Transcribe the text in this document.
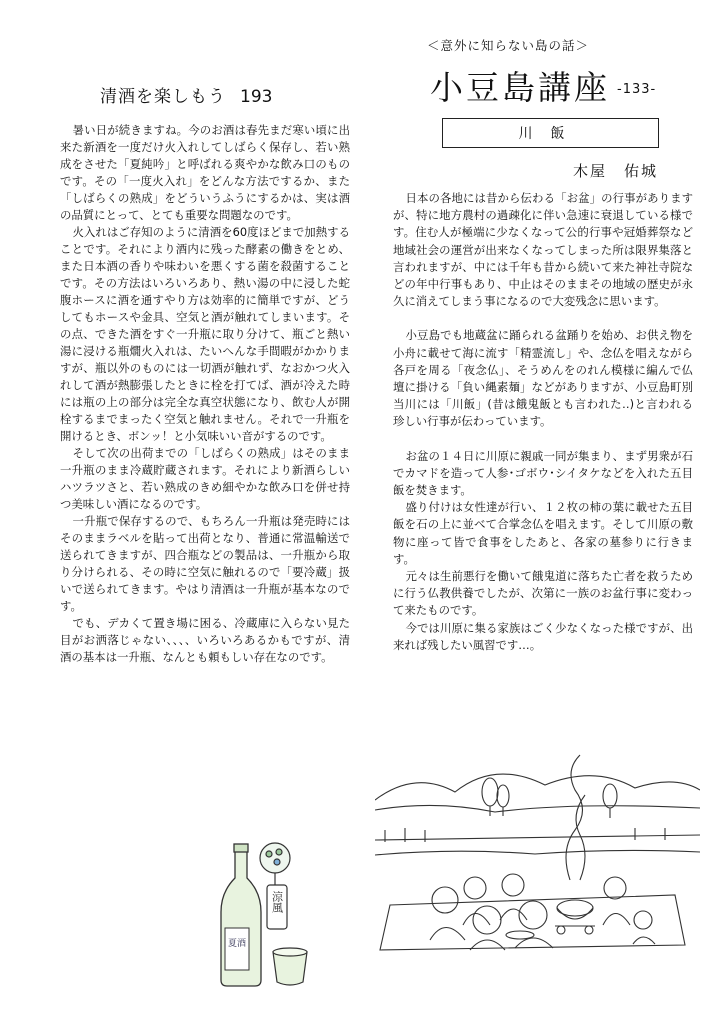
清酒を楽しもう 193

暑い日が続きますね。今のお酒は春先まだ寒い頃に出来た新酒を一度だけ火入れしてしばらく保存し、若い熟成をさせた「夏純吟」と呼ばれる爽やかな飲み口のものです。その「一度火入れ」をどんな方法でするか、また「しばらくの熟成」をどういうふうにするかは、実は酒の品質にとって、とても重要な問題なのです。

火入れはご存知のように清酒を60度ほどまで加熱することです。それにより酒内に残った酵素の働きをとめ、また日本酒の香りや味わいを悪くする菌を殺菌することです。その方法はいろいろあり、熱い湯の中に浸した蛇腹ホースに酒を通すやり方は効率的に簡単ですが、どうしてもホースや金具、空気と酒が触れてしまいます。その点、できた酒をすぐ一升瓶に取り分けて、瓶ごと熱い湯に浸ける瓶燗火入れは、たいへんな手間暇がかかりますが、瓶以外のものには一切酒が触れず、なおかつ火入れして酒が熱膨張したときに栓を打てば、酒が冷えた時には瓶の上の部分は完全な真空状態になり、飲む人が開栓するまでまったく空気と触れません。それで一升瓶を開けるとき、ボンッ！と小気味いい音がするのです。

そして次の出荷までの「しばらくの熟成」はそのまま一升瓶のまま冷蔵貯蔵されます。それにより新酒らしいハツラツさと、若い熟成のきめ細やかな飲み口を併せ持つ美味しい酒になるのです。

一升瓶で保存するので、もちろん一升瓶は発売時にはそのままラベルを貼って出荷となり、普通に常温輸送で送られてきますが、四合瓶などの製品は、一升瓶から取り分けられる、その時に空気に触れるので「要冷蔵」扱いで送られてきます。やはり清酒は一升瓶が基本なのです。

でも、デカくて置き場に困る、冷蔵庫に入らない見た目がお洒落じゃない、、、、いろいろあるかもですが、清酒の基本は一升瓶、なんとも頼もしい存在なのです。

涼風
夏酒
＜意外に知らない島の話＞
小豆島講座 -133-
川飯
木屋　佑城

日本の各地には昔から伝わる「お盆」の行事がありますが、特に地方農村の過疎化に伴い急速に衰退している様です。住む人が極端に少なくなって公的行事や冠婚葬祭など地域社会の運営が出来なくなってしまった所は限界集落と言われますが、中には千年も昔から続いて来た神社寺院などの年中行事もあり、中止はそのままその地域の歴史が永久に消えてしまう事になるので大変残念に思います。

小豆島でも地蔵盆に踊られる盆踊りを始め、お供え物を小舟に載せて海に流す「精霊流し」や、念仏を唱えながら各戸を周る「夜念仏」、そうめんをのれん模様に編んで仏壇に掛ける「負い縄素麺」などがありますが、小豆島町別当川には「川飯」(昔は餓鬼飯とも言われた‥)と言われる珍しい行事が伝わっています。

お盆の１４日に川原に親戚一同が集まり、まず男衆が石でカマドを造って人参･ゴボウ･シイタケなどを入れた五目飯を焚きます。

盛り付けは女性達が行い、１２枚の柿の葉に載せた五目飯を石の上に並べて合掌念仏を唱えます。そして川原の敷物に座って皆で食事をしたあと、各家の墓参りに行きます。

元々は生前悪行を働いて餓鬼道に落ちた亡者を救うために行う仏教供養でしたが、次第に一族のお盆行事に変わって来たものです。

今では川原に集る家族はごく少なくなった様ですが、出来れば残したい風習です…。
